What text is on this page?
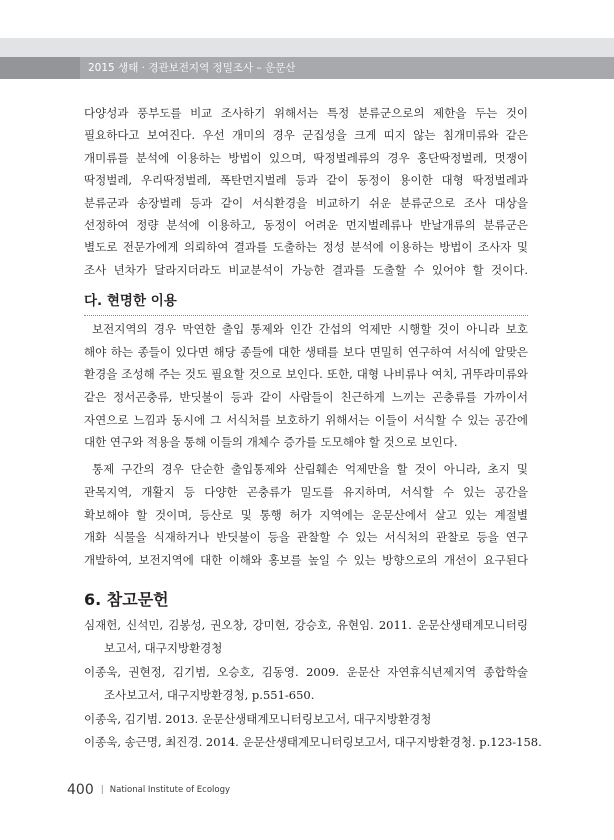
2015 생태 · 경관보전지역 정밀조사 – 운문산
다양성과 풍부도를 비교 조사하기 위해서는 특정 분류군으로의 제한을 두는 것이
필요하다고 보여진다. 우선 개미의 경우 군집성을 크게 띠지 않는 침개미류와 같은
개미류를 분석에 이용하는 방법이 있으며, 딱정벌레류의 경우 홍단딱정벌레, 멋쟁이
딱정벌레, 우리딱정벌레, 폭탄먼지벌레 등과 같이 동정이 용이한 대형 딱정벌레과
분류군과 송장벌레 등과 같이 서식환경을 비교하기 쉬운 분류군으로 조사 대상을
선정하여 정량 분석에 이용하고, 동정이 어려운 먼지벌레류나 반날개류의 분류군은
별도로 전문가에게 의뢰하여 결과를 도출하는 정성 분석에 이용하는 방법이 조사자 및
조사 년차가 달라지더라도 비교분석이 가능한 결과를 도출할 수 있어야 할 것이다.
다. 현명한 이용
보전지역의 경우 막연한 출입 통제와 인간 간섭의 억제만 시행할 것이 아니라 보호
해야 하는 종들이 있다면 해당 종들에 대한 생태를 보다 면밀히 연구하여 서식에 알맞은
환경을 조성해 주는 것도 필요할 것으로 보인다. 또한, 대형 나비류나 여치, 귀뚜라미류와
같은 정서곤충류, 반딧불이 등과 같이 사람들이 친근하게 느끼는 곤충류를 가까이서
자연으로 느낌과 동시에 그 서식처를 보호하기 위해서는 이들이 서식할 수 있는 공간에
대한 연구와 적용을 통해 이들의 개체수 증가를 도모해야 할 것으로 보인다.
통제 구간의 경우 단순한 출입통제와 산림훼손 억제만을 할 것이 아니라, 초지 및
관목지역, 개활지 등 다양한 곤충류가 밀도를 유지하며, 서식할 수 있는 공간을
확보해야 할 것이며, 등산로 및 통행 허가 지역에는 운문산에서 살고 있는 계절별
개화 식물을 식재하거나 반딧불이 등을 관찰할 수 있는 서식처의 관찰로 등을 연구
개발하여, 보전지역에 대한 이해와 홍보를 높일 수 있는 방향으로의 개선이 요구된다
6. 참고문헌
심재헌, 신석민, 김봉성, 권오창, 강미현, 강승호, 유현임. 2011. 운문산생태계모니터링
보고서, 대구지방환경청
이종욱, 권현정, 김기범, 오승호, 김동영. 2009. 운문산 자연휴식년제지역 종합학술
조사보고서, 대구지방환경청, p.551-650.
이종욱, 김기범. 2013. 운문산생태계모니터링보고서, 대구지방환경청
이종욱, 송근명, 최진경. 2014. 운문산생태계모니터링보고서, 대구지방환경청. p.123-158.
400 | National Institute of Ecology
